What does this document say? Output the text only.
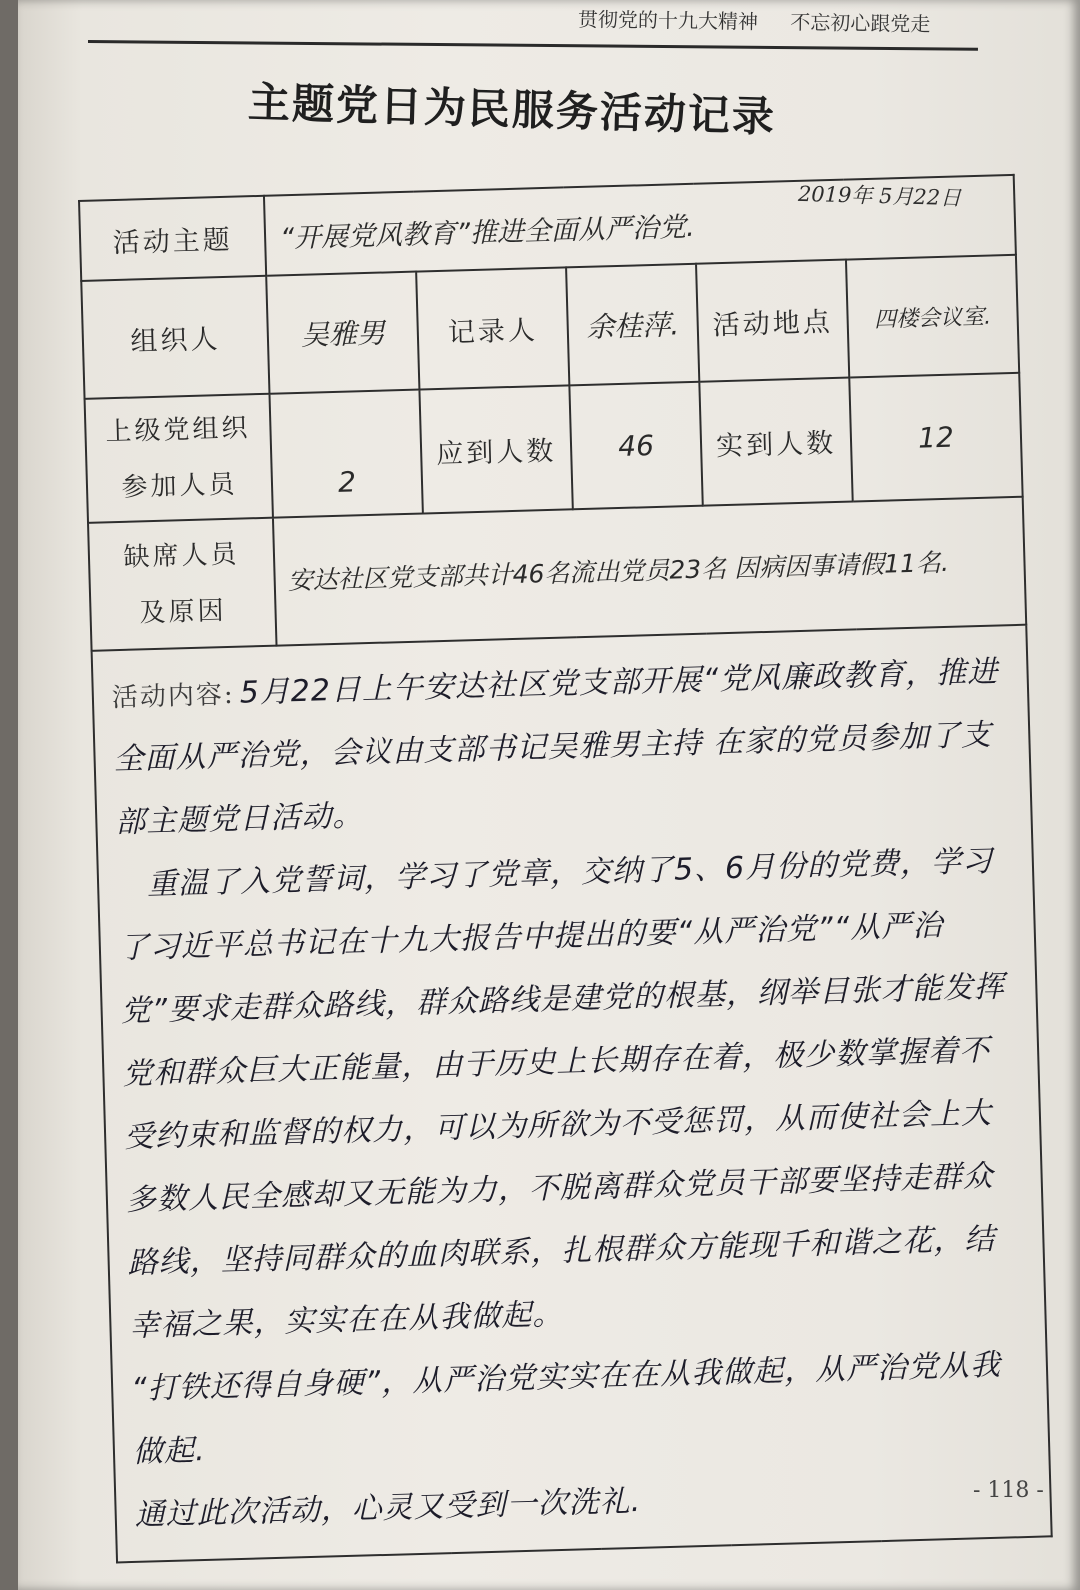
贯彻党的十九大精神 不忘初心跟党走
主题党日为民服务活动记录
2019年 5月22日
活动主题	“开展党风教育”推进全面从严治党.				
组织人	吴雅男	记录人	余桂萍.	活动地点	四楼会议室.

上级党组织
参加人员	2	应到人数	46	实到人数	12

缺席人员
及原因	安达社区党支部共计46名流出党员23名 因病因事请假11名.				
活动内容: 5月22日上午安达社区党支部开展“党风廉政教育，推进全面从严治党，会议由支部书记吴雅男主持 在家的党员参加了支部主题党日活动。

重温了入党誓词，学习了党章，交纳了5、6月份的党费，学习了习近平总书记在十九大报告中提出的要“从严治党”“从严治党”要求走群众路线，群众路线是建党的根基，纲举目张才能发挥党和群众巨大正能量，由于历史上长期存在着，极少数掌握着不受约束和监督的权力，可以为所欲为不受惩罚，从而使社会上大多数人民全感却又无能为力，不脱离群众党员干部要坚持走群众路线，坚持同群众的血肉联系，扎根群众方能现千和谐之花，结幸福之果，实实在在从我做起。

“打铁还得自身硬”，从严治党实实在在从我做起，从严治党从我做起.

通过此次活动，心灵又受到一次洗礼.						- 118 -
